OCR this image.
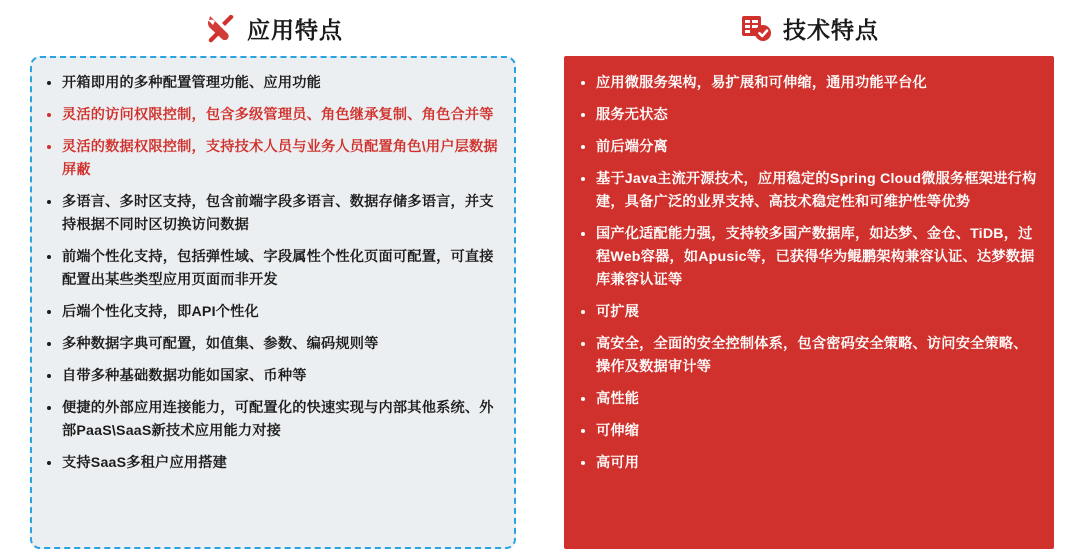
应用特点
开箱即用的多种配置管理功能、应用功能
灵活的访问权限控制，包含多级管理员、角色继承复制、角色合并等
灵活的数据权限控制，支持技术人员与业务人员配置角色\用户层数据屏蔽
多语言、多时区支持，包含前端字段多语言、数据存储多语言，并支持根据不同时区切换访问数据
前端个性化支持，包括弹性域、字段属性个性化页面可配置，可直接配置出某些类型应用页面而非开发
后端个性化支持，即API个性化
多种数据字典可配置，如值集、参数、编码规则等
自带多种基础数据功能如国家、币种等
便捷的外部应用连接能力，可配置化的快速实现与内部其他系统、外部PaaS\SaaS新技术应用能力对接
支持SaaS多租户应用搭建
技术特点
应用微服务架构，易扩展和可伸缩，通用功能平台化
服务无状态
前后端分离
基于Java主流开源技术，应用稳定的Spring Cloud微服务框架进行构建，具备广泛的业界支持、高技术稳定性和可维护性等优势
国产化适配能力强，支持较多国产数据库，如达梦、金仓、TiDB，过程Web容器，如Apusic等，已获得华为鲲鹏架构兼容认证、达梦数据库兼容认证等
可扩展
高安全，全面的安全控制体系，包含密码安全策略、访问安全策略、操作及数据审计等
高性能
可伸缩
高可用
